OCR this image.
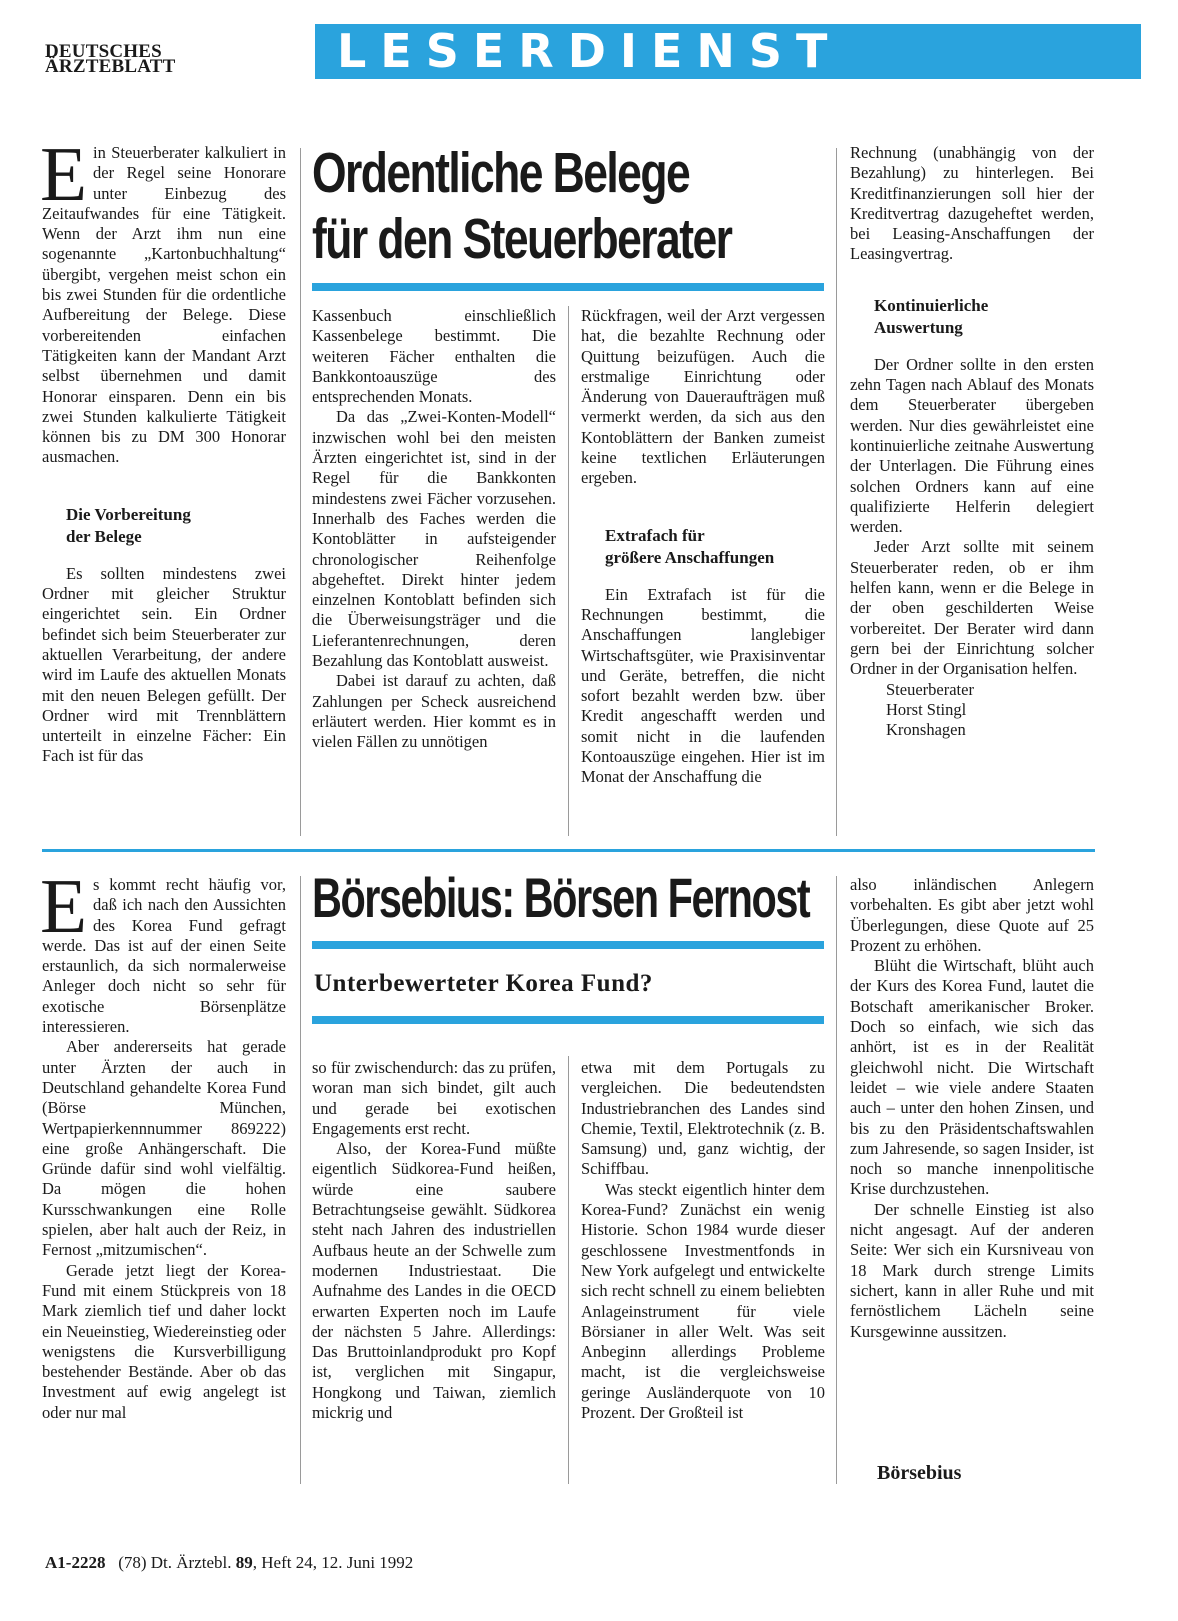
DEUTSCHES
ÄRZTEBLATT	LESERDIENST

Ein Steuerberater kalkuliert in der Regel seine Honorare unter Einbezug des Zeitaufwandes für eine Tätigkeit. Wenn der Arzt ihm nun eine sogenannte „Kartonbuchhaltung“ übergibt, vergehen meist schon ein bis zwei Stunden für die ordentliche Aufbereitung der Belege. Diese vorbereitenden einfachen Tätigkeiten kann der Mandant Arzt selbst übernehmen und damit Honorar einsparen. Denn ein bis zwei Stunden kalkulierte Tätigkeit können bis zu DM 300 Honorar ausmachen.

Die Vorbereitung
der Belege

Es sollten mindestens zwei Ordner mit gleicher Struktur eingerichtet sein. Ein Ordner befindet sich beim Steuerberater zur aktuellen Verarbeitung, der andere wird im Laufe des aktuellen Monats mit den neuen Belegen gefüllt. Der Ordner wird mit Trennblättern unterteilt in einzelne Fächer: Ein Fach ist für das

Ordentliche Belege
für den Steuerberater

Kassenbuch einschließlich Kassenbelege bestimmt. Die weiteren Fächer enthalten die Bankkontoauszüge des entsprechenden Monats.

Da das „Zwei-Konten-Modell“ inzwischen wohl bei den meisten Ärzten eingerichtet ist, sind in der Regel für die Bankkonten mindestens zwei Fächer vorzusehen. Innerhalb des Faches werden die Kontoblätter in aufsteigender chronologischer Reihenfolge abgeheftet. Direkt hinter jedem einzelnen Kontoblatt befinden sich die Überweisungsträger und die Lieferantenrechnungen, deren Bezahlung das Kontoblatt ausweist.

Dabei ist darauf zu achten, daß Zahlungen per Scheck ausreichend erläutert werden. Hier kommt es in vielen Fällen zu unnötigen

Rückfragen, weil der Arzt vergessen hat, die bezahlte Rechnung oder Quittung beizufügen. Auch die erstmalige Einrichtung oder Änderung von Daueraufträgen muß vermerkt werden, da sich aus den Kontoblättern der Banken zumeist keine textlichen Erläuterungen ergeben.

Extrafach für
größere Anschaffungen

Ein Extrafach ist für die Rechnungen bestimmt, die Anschaffungen langlebiger Wirtschaftsgüter, wie Praxisinventar und Geräte, betreffen, die nicht sofort bezahlt werden bzw. über Kredit angeschafft werden und somit nicht in die laufenden Kontoauszüge eingehen. Hier ist im Monat der Anschaffung die

Rechnung (unabhängig von der Bezahlung) zu hinterlegen. Bei Kreditfinanzierungen soll hier der Kreditvertrag dazugeheftet werden, bei Leasing-Anschaffungen der Leasingvertrag.

Kontinuierliche
Auswertung

Der Ordner sollte in den ersten zehn Tagen nach Ablauf des Monats dem Steuerberater übergeben werden. Nur dies gewährleistet eine kontinuierliche zeitnahe Auswertung der Unterlagen. Die Führung eines solchen Ordners kann auf eine qualifizierte Helferin delegiert werden.

Jeder Arzt sollte mit seinem Steuerberater reden, ob er ihm helfen kann, wenn er die Belege in der oben geschilderten Weise vorbereitet. Der Berater wird dann gern bei der Einrichtung solcher Ordner in der Organisation helfen.

Steuerberater

Horst Stingl

Kronshagen

Es kommt recht häufig vor, daß ich nach den Aussichten des Korea Fund gefragt werde. Das ist auf der einen Seite erstaunlich, da sich normalerweise Anleger doch nicht so sehr für exotische Börsenplätze interessieren.

Aber andererseits hat gerade unter Ärzten der auch in Deutschland gehandelte Korea Fund (Börse München, Wertpapierkennnummer 869222) eine große Anhängerschaft. Die Gründe dafür sind wohl vielfältig. Da mögen die hohen Kursschwankungen eine Rolle spielen, aber halt auch der Reiz, in Fernost „mitzumischen“.

Gerade jetzt liegt der Korea-Fund mit einem Stückpreis von 18 Mark ziemlich tief und daher lockt ein Neueinstieg, Wiedereinstieg oder wenigstens die Kursverbilligung bestehender Bestände. Aber ob das Investment auf ewig angelegt ist oder nur mal

Börsebius: Börsen Fernost
Unterbewerteter Korea Fund?

so für zwischendurch: das zu prüfen, woran man sich bindet, gilt auch und gerade bei exotischen Engagements erst recht.

Also, der Korea-Fund müßte eigentlich Südkorea-Fund heißen, würde eine saubere Betrachtungseise gewählt. Südkorea steht nach Jahren des industriellen Aufbaus heute an der Schwelle zum modernen Industriestaat. Die Aufnahme des Landes in die OECD erwarten Experten noch im Laufe der nächsten 5 Jahre. Allerdings: Das Bruttoinlandprodukt pro Kopf ist, verglichen mit Singapur, Hongkong und Taiwan, ziemlich mickrig und

etwa mit dem Portugals zu vergleichen. Die bedeutendsten Industriebranchen des Landes sind Chemie, Textil, Elektrotechnik (z. B. Samsung) und, ganz wichtig, der Schiffbau.

Was steckt eigentlich hinter dem Korea-Fund? Zunächst ein wenig Historie. Schon 1984 wurde dieser geschlossene Investmentfonds in New York aufgelegt und entwickelte sich recht schnell zu einem beliebten Anlageinstrument für viele Börsianer in aller Welt. Was seit Anbeginn allerdings Probleme macht, ist die vergleichsweise geringe Ausländerquote von 10 Prozent. Der Großteil ist

also inländischen Anlegern vorbehalten. Es gibt aber jetzt wohl Überlegungen, diese Quote auf 25 Prozent zu erhöhen.

Blüht die Wirtschaft, blüht auch der Kurs des Korea Fund, lautet die Botschaft amerikanischer Broker. Doch so einfach, wie sich das anhört, ist es in der Realität gleichwohl nicht. Die Wirtschaft leidet – wie viele andere Staaten auch – unter den hohen Zinsen, und bis zu den Präsidentschaftswahlen zum Jahresende, so sagen Insider, ist noch so manche innenpolitische Krise durchzustehen.

Der schnelle Einstieg ist also nicht angesagt. Auf der anderen Seite: Wer sich ein Kursniveau von 18 Mark durch strenge Limits sichert, kann in aller Ruhe und mit fernöstlichem Lächeln seine Kursgewinne aussitzen.

Börsebius
A1-2228 (78) Dt. Ärztebl. 89, Heft 24, 12. Juni 1992
